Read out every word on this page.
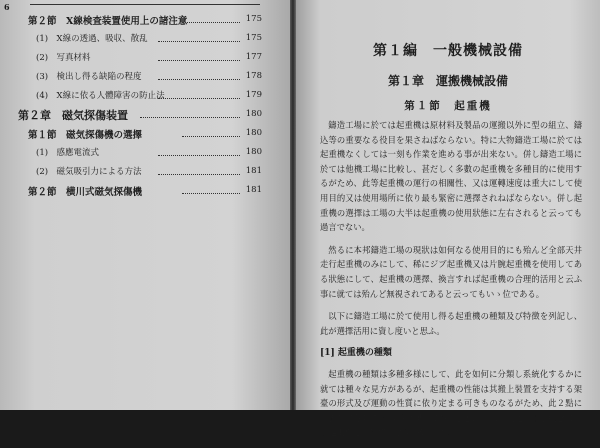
6
第２節　X線検査装置使用上の諸注意	175
(1)　X線の透過、吸収、散乱	175
(2)　写真材料	177
(3)　検出し得る缺陥の程度	178
(4)　X線に依る人體障害の防止法	179
第２章　磁気探傷装置	180
第１節　磁気探傷機の選擇	180
(1)　感應電流式	180
(2)　磁気吸引力による方法	181
第２節　横川式磁気探傷機	181
第１編　一般機械設備
第１章　運搬機械設備
第１節　起重機

鑄造工場に於ては起重機は原材料及製品の運搬以外に型の組立、鑄込等の重要なる役目を果さねばならない。特に大物鑄造工場に於ては起重機なくしては一刻も作業を進める事が出来ない。併し鑄造工場に於ては他機工場に比較し、甚だしく多數の起重機を多種目的に使用するがため、此等起重機の運行の相關性、又は運轉速度は重大にして使用目的又は使用場所に依り最も緊密に選擇されねばならない。併し起重機の選擇は工場の大半は起重機の使用狀態に左右されると云っても過言でない。

然るに本邦鑄造工場の現狀は如何なる使用目的にも殆んど全部天井走行起重機のみにして、稀にジブ起重機又は片腕起重機を使用してある狀態にして、起重機の選擇、換言すれば起重機の合理的活用と云ふ事に就ては殆んど無視されてあると云ってもいゝ位である。

以下に鑄造工場に於て使用し得る起重機の種類及び特徴を列記し、此が選擇活用に資し度いと思ふ。

[1] 起重機の種類

起重機の種類は多種多様にして、此を如何に分類し系統化するかに就ては種々な見方があるが、起重機の性能は其搬上裝置を支持する架臺の形式及び運動の性質に依り定まる可きものなるがため、此２點に立脚して分類するのが合理的であると思ふ。依ち上述の如き觀念により起重機を分類すると次の如くなる。
